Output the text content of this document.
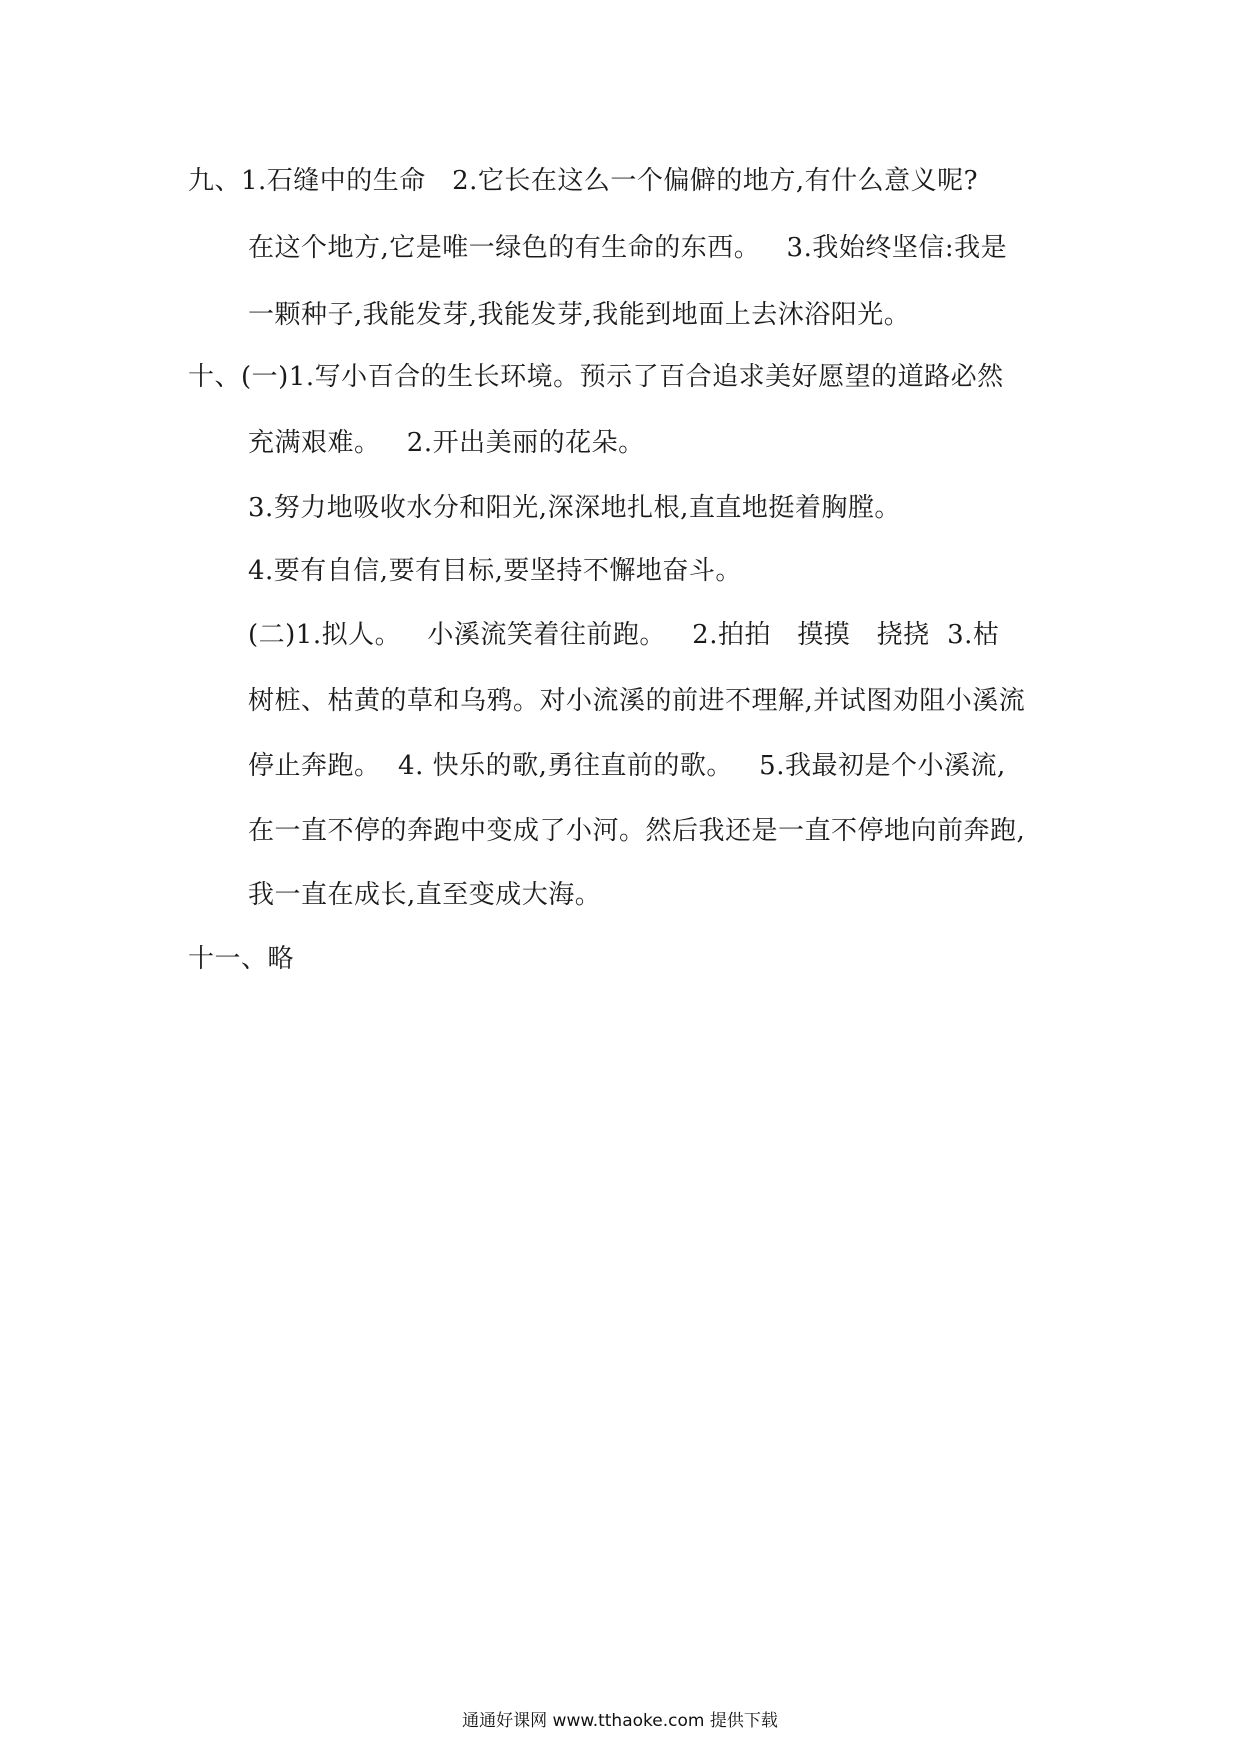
九、1.石缝中的生命   2.它长在这么一个偏僻的地方,有什么意义呢?
在这个地方,它是唯一绿色的有生命的东西。   3.我始终坚信:我是
一颗种子,我能发芽,我能发芽,我能到地面上去沐浴阳光。
十、(一)1.写小百合的生长环境。预示了百合追求美好愿望的道路必然
充满艰难。   2.开出美丽的花朵。
3.努力地吸收水分和阳光,深深地扎根,直直地挺着胸膛。
4.要有自信,要有目标,要坚持不懈地奋斗。
(二)1.拟人。   小溪流笑着往前跑。   2.拍拍   摸摸   挠挠  3.枯
树桩、枯黄的草和乌鸦。对小流溪的前进不理解,并试图劝阻小溪流
停止奔跑。  4. 快乐的歌,勇往直前的歌。   5.我最初是个小溪流,
在一直不停的奔跑中变成了小河。然后我还是一直不停地向前奔跑,
我一直在成长,直至变成大海。
十一、略
通通好课网 www.tthaoke.com 提供下载
